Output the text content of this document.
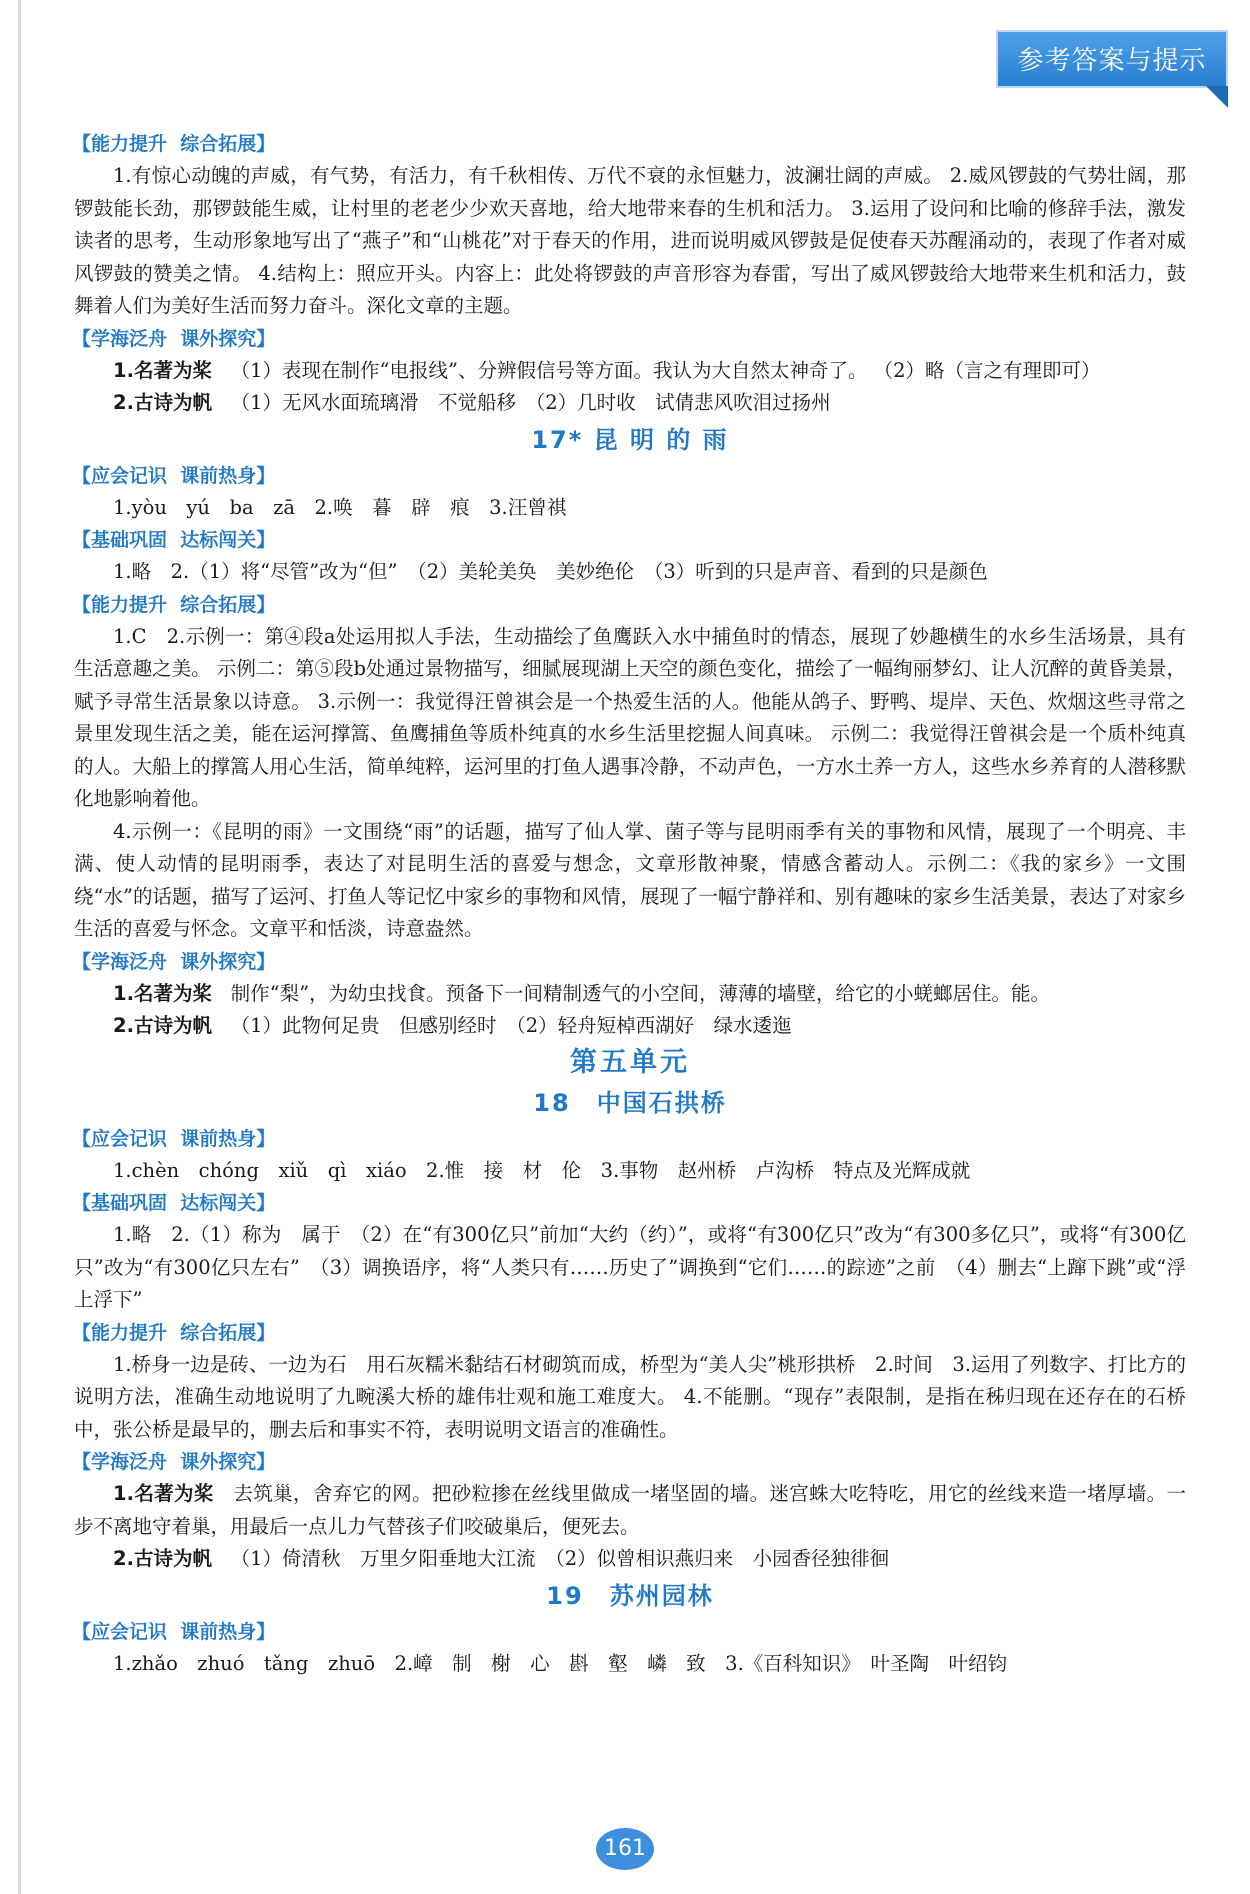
参考答案与提示
【能力提升 综合拓展】

1.有惊心动魄的声威，有气势，有活力，有千秋相传、万代不衰的永恒魅力，波澜壮阔的声威。 2.威风锣鼓的气势壮阔，那锣鼓能长劲，那锣鼓能生威，让村里的老老少少欢天喜地，给大地带来春的生机和活力。 3.运用了设问和比喻的修辞手法，激发读者的思考，生动形象地写出了“燕子”和“山桃花”对于春天的作用，进而说明威风锣鼓是促使春天苏醒涌动的，表现了作者对威风锣鼓的赞美之情。 4.结构上：照应开头。内容上：此处将锣鼓的声音形容为春雷，写出了威风锣鼓给大地带来生机和活力，鼓舞着人们为美好生活而努力奋斗。深化文章的主题。

【学海泛舟 课外探究】

1.名著为桨 （1）表现在制作“电报线”、分辨假信号等方面。我认为大自然太神奇了。 （2）略（言之有理即可）

2.古诗为帆 （1）无风水面琉璃滑　不觉船移　（2）几时收　试倩悲风吹泪过扬州

17* 昆 明 的 雨
【应会记识 课前热身】

1.yòu　yú　ba　zā　2.唤　暮　辟　痕　3.汪曾祺

【基础巩固 达标闯关】

1.略　2.（1）将“尽管”改为“但”　（2）美轮美奂　美妙绝伦　（3）听到的只是声音、看到的只是颜色

【能力提升 综合拓展】

1.C　2.示例一：第④段a处运用拟人手法，生动描绘了鱼鹰跃入水中捕鱼时的情态，展现了妙趣横生的水乡生活场景，具有生活意趣之美。 示例二：第⑤段b处通过景物描写，细腻展现湖上天空的颜色变化，描绘了一幅绚丽梦幻、让人沉醉的黄昏美景，赋予寻常生活景象以诗意。 3.示例一：我觉得汪曾祺会是一个热爱生活的人。他能从鸽子、野鸭、堤岸、天色、炊烟这些寻常之景里发现生活之美，能在运河撑篙、鱼鹰捕鱼等质朴纯真的水乡生活里挖掘人间真味。 示例二：我觉得汪曾祺会是一个质朴纯真的人。大船上的撑篙人用心生活，简单纯粹，运河里的打鱼人遇事冷静，不动声色，一方水土养一方人，这些水乡养育的人潜移默化地影响着他。

4.示例一：《昆明的雨》一文围绕“雨”的话题，描写了仙人掌、菌子等与昆明雨季有关的事物和风情，展现了一个明亮、丰满、使人动情的昆明雨季，表达了对昆明生活的喜爱与想念，文章形散神聚，情感含蓄动人。示例二：《我的家乡》一文围绕“水”的话题，描写了运河、打鱼人等记忆中家乡的事物和风情，展现了一幅宁静祥和、别有趣味的家乡生活美景，表达了对家乡生活的喜爱与怀念。文章平和恬淡，诗意盎然。

【学海泛舟 课外探究】

1.名著为桨 制作“梨”，为幼虫找食。预备下一间精制透气的小空间，薄薄的墙壁，给它的小蜣螂居住。能。

2.古诗为帆 （1）此物何足贵　但感别经时　（2）轻舟短棹西湖好　绿水逶迤

第五单元
18　中国石拱桥
【应会记识 课前热身】

1.chèn　chóng　xiǔ　qì　xiáo　2.惟　接　材　伦　3.事物　赵州桥　卢沟桥　特点及光辉成就

【基础巩固 达标闯关】

1.略　2.（1）称为　属于　（2）在“有300亿只”前加“大约（约）”，或将“有300亿只”改为“有300多亿只”，或将“有300亿只”改为“有300亿只左右”　（3）调换语序，将“人类只有……历史了”调换到“它们……的踪迹”之前　（4）删去“上蹿下跳”或“浮上浮下”

【能力提升 综合拓展】

1.桥身一边是砖、一边为石　用石灰糯米黏结石材砌筑而成，桥型为“美人尖”桃形拱桥　2.时间　3.运用了列数字、打比方的说明方法，准确生动地说明了九畹溪大桥的雄伟壮观和施工难度大。 4.不能删。“现存”表限制，是指在秭归现在还存在的石桥中，张公桥是最早的，删去后和事实不符，表明说明文语言的准确性。

【学海泛舟 课外探究】

1.名著为桨 去筑巢，舍弃它的网。把砂粒掺在丝线里做成一堵坚固的墙。迷宫蛛大吃特吃，用它的丝线来造一堵厚墙。一步不离地守着巢，用最后一点儿力气替孩子们咬破巢后，便死去。

2.古诗为帆 （1）倚清秋　万里夕阳垂地大江流　（2）似曾相识燕归来　小园香径独徘徊

19　苏州园林
【应会记识 课前热身】

1.zhǎo　zhuó　tǎng　zhuō　2.嶂　制　榭　心　斟　壑　嶙　致　3.《百科知识》　叶圣陶　叶绍钧

161
